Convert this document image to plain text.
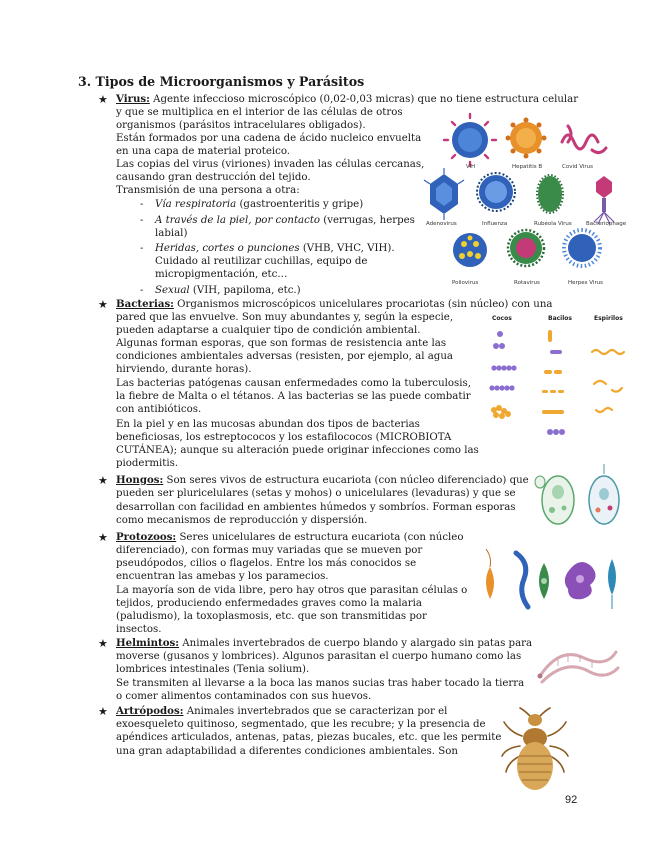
3. Tipos de Microorganismos y Parásitos
★ Virus: Agente infeccioso microscópico (0,02-0,03 micras) que no tiene estructura celular
y que se multiplica en el interior de las células de otros
organismos (parásitos intracelulares obligados).
Están formados por una cadena de ácido nucleico envuelta
en una capa de material proteico.
Las copias del virus (viriones) invaden las células cercanas,
causando gran destrucción del tejido.
Transmisión de una persona a otra:
- Vía respiratoria (gastroenteritis y gripe)
- A través de la piel, por contacto (verrugas, herpes
labial)
- Heridas, cortes o punciones (VHB, VHC, VIH).
Cuidado al reutilizar cuchillas, equipo de
micropigmentación, etc…
- Sexual (VIH, papiloma, etc.)
VIH	Hepatitis B	Covid Virus
Adenovirus	Influenza	Rubéola Virus	Bacteriophage
Poliovirus	Rotavirus	Herpes Virus
★ Bacterias: Organismos microscópicos unicelulares procariotas (sin núcleo) con una
pared que las envuelve. Son muy abundantes y, según la especie,
pueden adaptarse a cualquier tipo de condición ambiental.
Algunas forman esporas, que son formas de resistencia ante las
condiciones ambientales adversas (resisten, por ejemplo, al agua
hirviendo, durante horas).
Las bacterias patógenas causan enfermedades como la tuberculosis,
la fiebre de Malta o el tétanos. A las bacterias se las puede combatir
con antibióticos.
En la piel y en las mucosas abundan dos tipos de bacterias
beneficiosas, los estreptococos y los estafilococos (MICROBIOTA
CUTÁNEA); aunque su alteración puede originar infecciones como las
piodermitis.
Cocos	Bacilos	Espirilos
★ Hongos: Son seres vivos de estructura eucariota (con núcleo diferenciado) que
pueden ser pluricelulares (setas y mohos) o unicelulares (levaduras) y que se
desarrollan con facilidad en ambientes húmedos y sombríos. Forman esporas
como mecanismos de reproducción y dispersión.
★ Protozoos: Seres unicelulares de estructura eucariota (con núcleo
diferenciado), con formas muy variadas que se mueven por
pseudópodos, cilios o flagelos. Entre los más conocidos se
encuentran las amebas y los paramecios.
La mayoría son de vida libre, pero hay otros que parasitan células o
tejidos, produciendo enfermedades graves como la malaria
(paludismo), la toxoplasmosis, etc. que son transmitidas por
insectos.
★ Helmintos: Animales invertebrados de cuerpo blando y alargado sin patas para
moverse (gusanos y lombrices). Algunos parasitan el cuerpo humano como las
lombrices intestinales (Tenia solium).
Se transmiten al llevarse a la boca las manos sucias tras haber tocado la tierra
o comer alimentos contaminados con sus huevos.
★ Artrópodos: Animales invertebrados que se caracterizan por el
exoesqueleto quitinoso, segmentado, que les recubre; y la presencia de
apéndices articulados, antenas, patas, piezas bucales, etc. que les permite
una gran adaptabilidad a diferentes condiciones ambientales. Son
92
